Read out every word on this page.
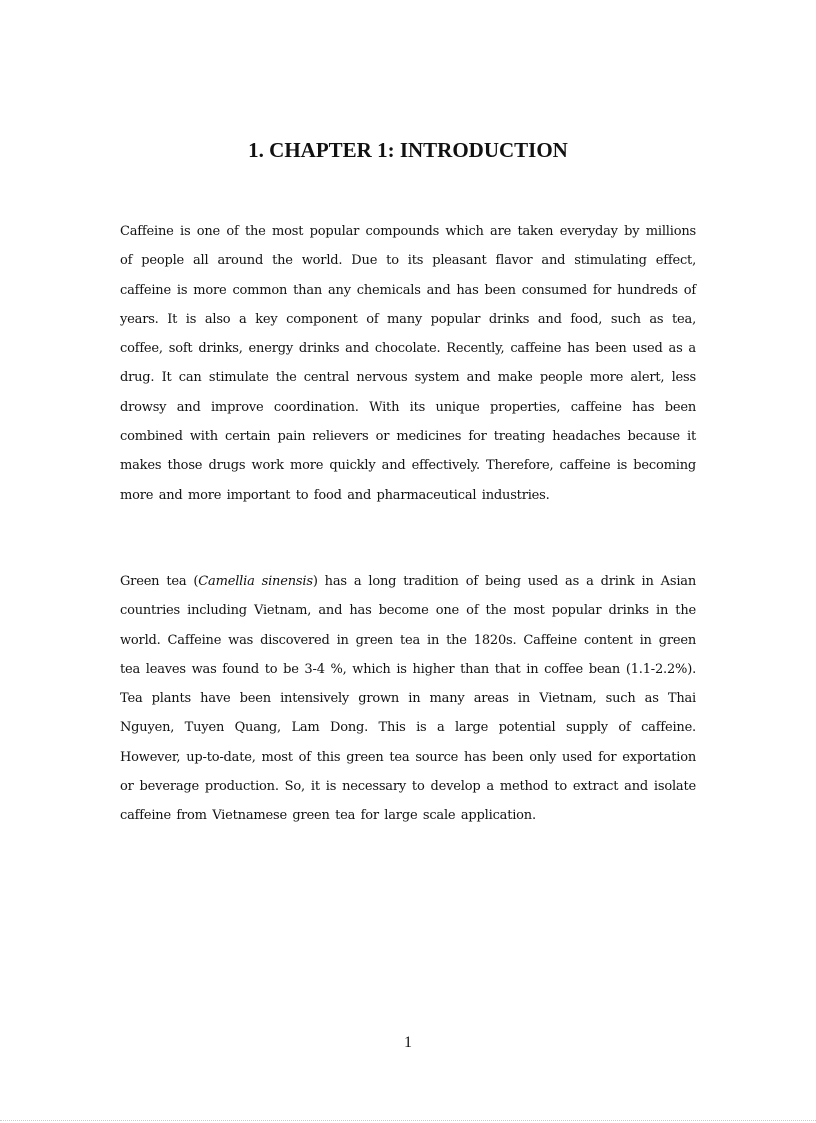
1. CHAPTER 1: INTRODUCTION

Caffeine is one of the most popular compounds which are taken everyday by millions of people all around the world. Due to its pleasant flavor and stimulating effect, caffeine is more common than any chemicals and has been consumed for hundreds of years. It is also a key component of many popular drinks and food, such as tea, coffee, soft drinks, energy drinks and chocolate. Recently, caffeine has been used as a drug. It can stimulate the central nervous system and make people more alert, less drowsy and improve coordination. With its unique properties, caffeine has been combined with certain pain relievers or medicines for treating headaches because it makes those drugs work more quickly and effectively. Therefore, caffeine is becoming more and more important to food and pharmaceutical industries.

Green tea (Camellia sinensis) has a long tradition of being used as a drink in Asian countries including Vietnam, and has become one of the most popular drinks in the world. Caffeine was discovered in green tea in the 1820s. Caffeine content in green tea leaves was found to be 3-4 %, which is higher than that in coffee bean (1.1-2.2%). Tea plants have been intensively grown in many areas in Vietnam, such as Thai Nguyen, Tuyen Quang, Lam Dong. This is a large potential supply of caffeine. However, up-to-date, most of this green tea source has been only used for exportation or beverage production. So, it is necessary to develop a method to extract and isolate caffeine from Vietnamese green tea for large scale application.

1
